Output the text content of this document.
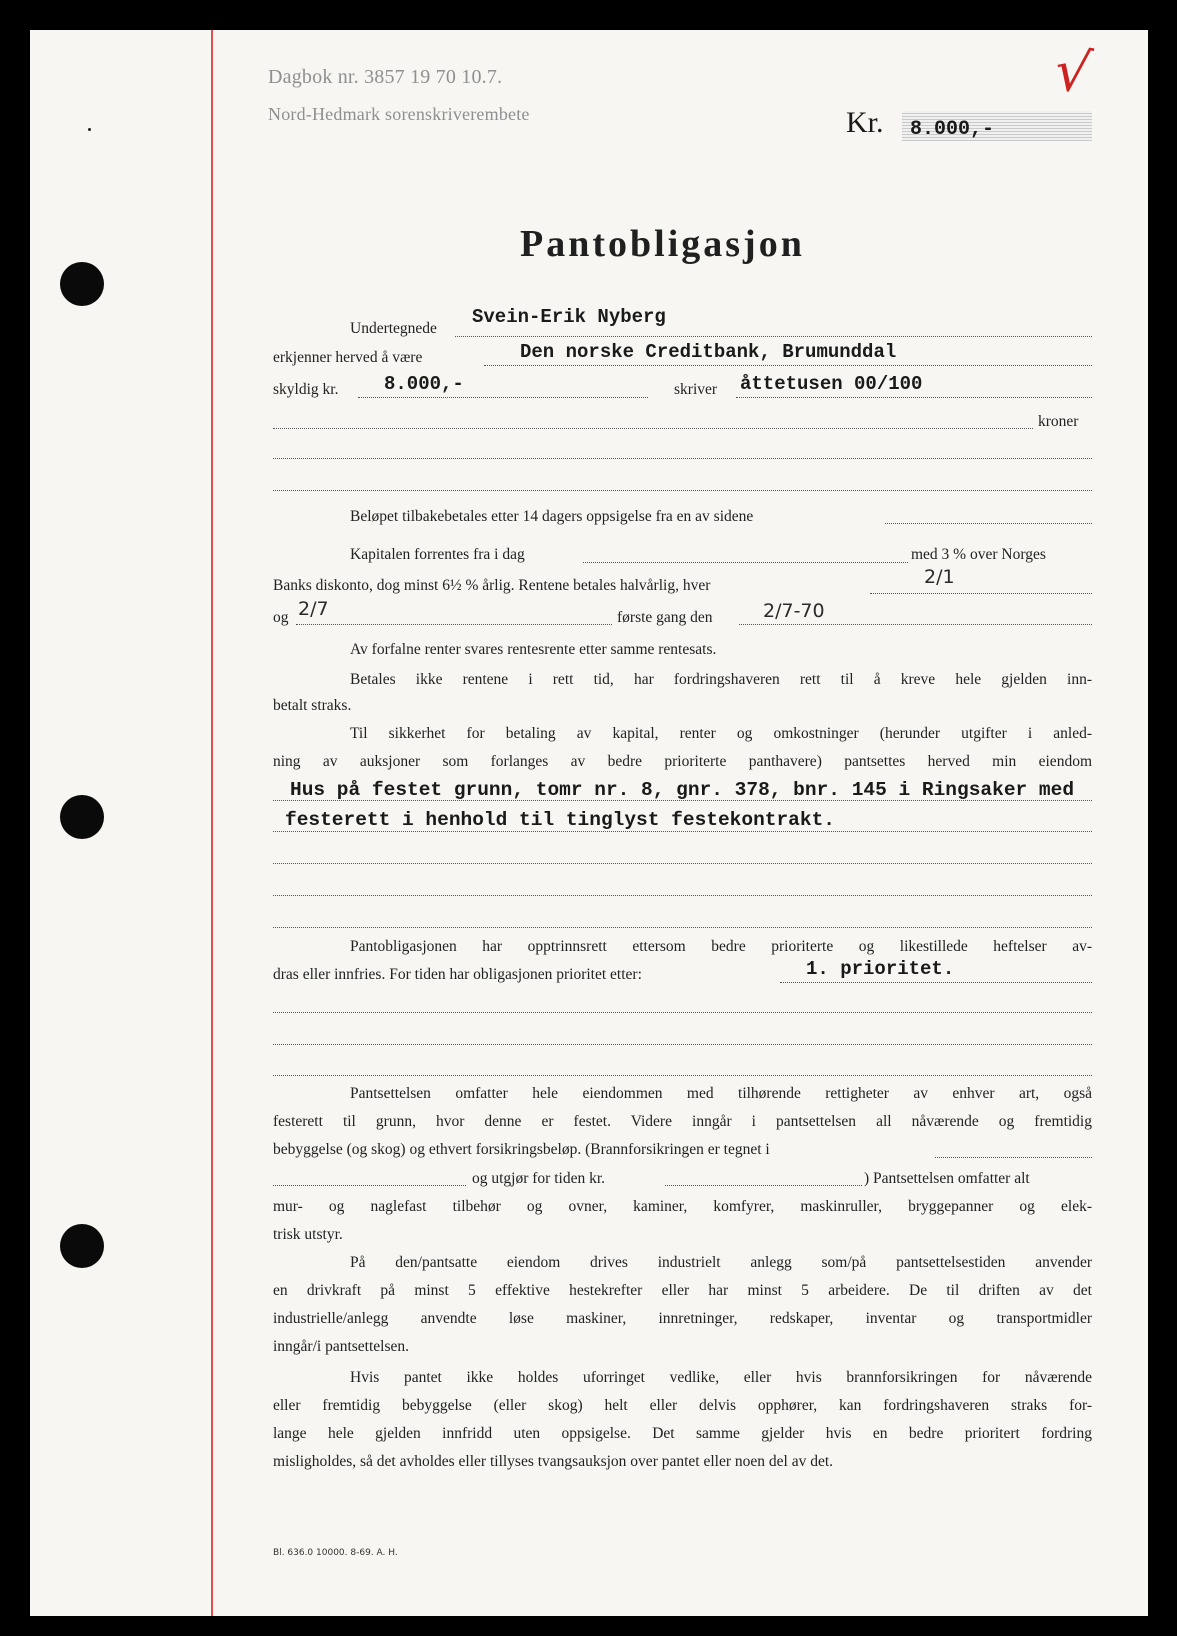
Dagbok nr. 3857 19 70 10.7.
Nord-Hedmark sorenskriverembete
√
Kr. 8.000,-
Pantobligasjon
Undertegnede
Svein-Erik Nyberg
erkjenner herved å være	Den norske Creditbank, Brumunddal
skyldig kr. 8.000,-	skriver åttetusen 00/100
kroner
Beløpet tilbakebetales etter 14 dagers oppsigelse fra en av sidene
Kapitalen forrentes fra i dag	med 3 % over Norges
Banks diskonto, dog minst 6½ % årlig. Rentene betales halvårlig, hver	2/1
og 2/7	første gang den	2/7-70
Av forfalne renter svares rentesrente etter samme rentesats.
Betales ikke rentene i rett tid, har fordringshaveren rett til å kreve hele gjelden inn-
betalt straks.
Til sikkerhet for betaling av kapital, renter og omkostninger (herunder utgifter i anled-
ning av auksjoner som forlanges av bedre prioriterte panthavere) pantsettes herved min eiendom
Hus på festet grunn, tomr nr. 8, gnr. 378, bnr. 145 i Ringsaker med
festerett i henhold til tinglyst festekontrakt.
Pantobligasjonen har opptrinnsrett ettersom bedre prioriterte og likestillede heftelser av-
dras eller innfries. For tiden har obligasjonen prioritet etter:	1. prioritet.
Pantsettelsen omfatter hele eiendommen med tilhørende rettigheter av enhver art, også
festerett til grunn, hvor denne er festet. Videre inngår i pantsettelsen all nåværende og fremtidig
bebyggelse (og skog) og ethvert forsikringsbeløp. (Brannforsikringen er tegnet i
og utgjør for tiden kr.	) Pantsettelsen omfatter alt
mur- og naglefast tilbehør og ovner, kaminer, komfyrer, maskinruller, bryggepanner og elek-
trisk utstyr.
På den/pantsatte eiendom drives industrielt anlegg som/på pantsettelsestiden anvender
en drivkraft på minst 5 effektive hestekrefter eller har minst 5 arbeidere. De til driften av det
industrielle/anlegg anvendte løse maskiner, innretninger, redskaper, inventar og transportmidler
inngår/i pantsettelsen.
Hvis pantet ikke holdes uforringet vedlike, eller hvis brannforsikringen for nåværende
eller fremtidig bebyggelse (eller skog) helt eller delvis opphører, kan fordringshaveren straks for-
lange hele gjelden innfridd uten oppsigelse. Det samme gjelder hvis en bedre prioritert fordring
misligholdes, så det avholdes eller tillyses tvangsauksjon over pantet eller noen del av det.
Bl. 636.0 10000. 8-69. A. H.
